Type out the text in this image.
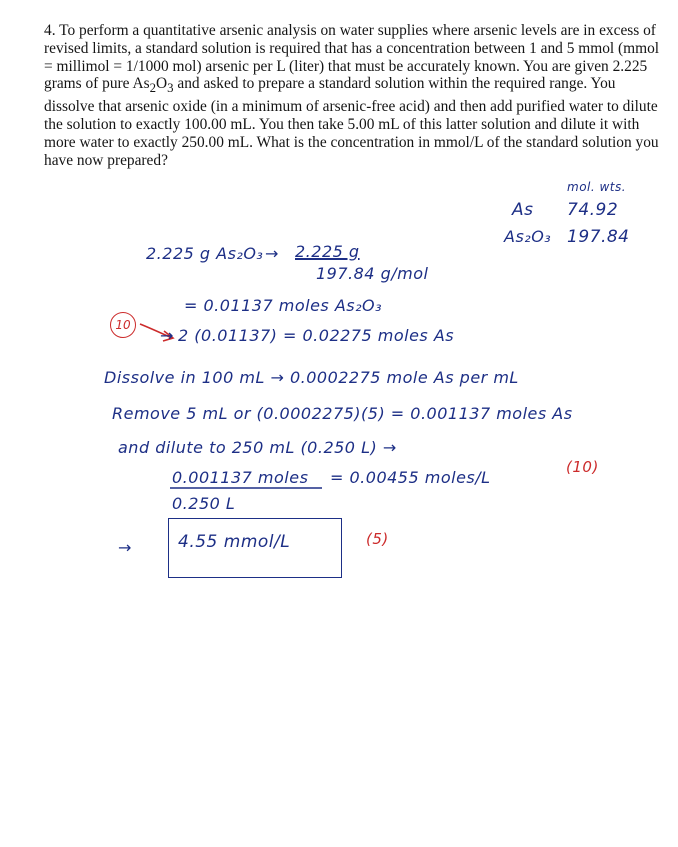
4. To perform a quantitative arsenic analysis on water supplies where arsenic levels are in excess of revised limits, a standard solution is required that has a concentration between 1 and 5 mmol (mmol = millimol = 1/1000 mol) arsenic per L (liter) that must be accurately known. You are given 2.225 grams of pure $As_2O_3$ and asked to prepare a standard solution within the required range. You dissolve that arsenic oxide (in a minimum of arsenic-free acid) and then add purified water to dilute the solution to exactly 100.00 mL. You then take 5.00 mL of this latter solution and dilute it with more water to exactly 250.00 mL. What is the concentration in mmol/L of the standard solution you have now prepared?

mol. wts.
As 74.92
As₂O₃ 197.84
2.225 g As₂O₃ → 2.225 g
197.84 g/mol
= 0.01137 moles As₂O₃
10
→ 2 (0.01137) = 0.02275 moles As
Dissolve in 100 mL → 0.0002275 mole As per mL
Remove 5 mL or (0.0002275)(5) = 0.001137 moles As
and dilute to 250 mL (0.250 L) →
0.001137 moles
0.250 L
= 0.00455 moles/L
(10)
→	4.55 mmol/L	(5)
